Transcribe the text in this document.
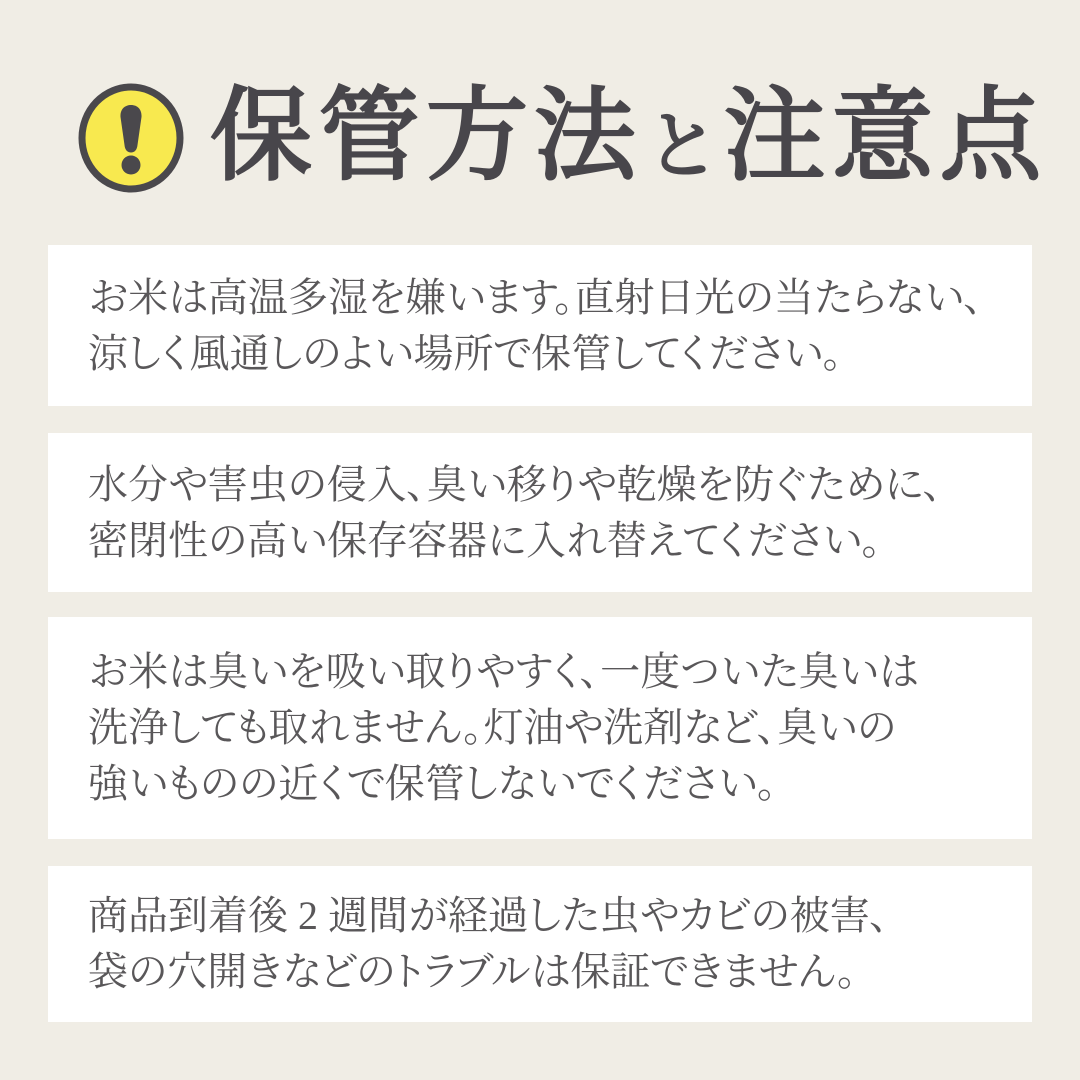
保管方法と注意点
お米は高温多湿を嫌います。直射日光の当たらない、
涼しく風通しのよい場所で保管してください。
水分や害虫の侵入、臭い移りや乾燥を防ぐために、
密閉性の高い保存容器に入れ替えてください。
お米は臭いを吸い取りやすく、一度ついた臭いは
洗浄しても取れません。灯油や洗剤など、臭いの
強いものの近くで保管しないでください。
商品到着後 2 週間が経過した虫やカビの被害、
袋の穴開きなどのトラブルは保証できません。
